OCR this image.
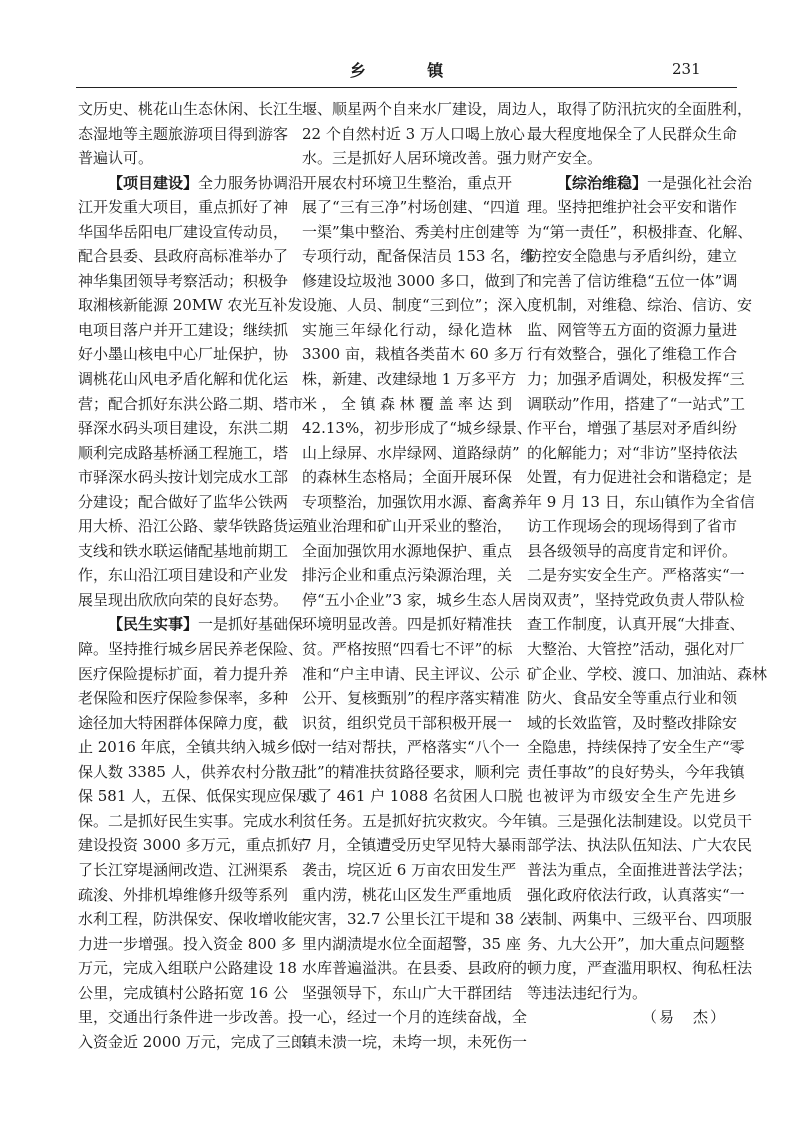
乡 镇	231
文历史、桃花山生态休闲、长江生
态湿地等主题旅游项目得到游客
普遍认可。
【项目建设】全力服务协调沿
江开发重大项目，重点抓好了神
华国华岳阳电厂建设宣传动员，
配合县委、县政府高标准举办了
神华集团领导考察活动；积极争
取湘核新能源 20MW 农光互补发
电项目落户并开工建设；继续抓
好小墨山核电中心厂址保护，协
调桃花山风电矛盾化解和优化运
营；配合抓好东洪公路二期、塔市
驿深水码头项目建设，东洪二期
顺利完成路基桥涵工程施工，塔
市驿深水码头按计划完成水工部
分建设；配合做好了监华公铁两
用大桥、沿江公路、蒙华铁路货运
支线和铁水联运储配基地前期工
作，东山沿江项目建设和产业发
展呈现出欣欣向荣的良好态势。
【民生实事】一是抓好基础保
障。坚持推行城乡居民养老保险、
医疗保险提标扩面，着力提升养
老保险和医疗保险参保率，多种
途径加大特困群体保障力度，截
止 2016 年底，全镇共纳入城乡低
保人数 3385 人，供养农村分散五
保 581 人，五保、低保实现应保尽
保。二是抓好民生实事。完成水利
建设投资 3000 多万元，重点抓好
了长江穿堤涵闸改造、江洲渠系
疏浚、外排机埠维修升级等系列
水利工程，防洪保安、保收增收能
力进一步增强。投入资金 800 多
万元，完成入组联户公路建设 18
公里，完成镇村公路拓宽 16 公
里，交通出行条件进一步改善。投
入资金近 2000 万元，完成了三郎
堰、顺星两个自来水厂建设，周边
22 个自然村近 3 万人口喝上放心
水。三是抓好人居环境改善。强力
开展农村环境卫生整治，重点开
展了“三有三净”村场创建、“四道
一渠”集中整治、秀美村庄创建等
专项行动，配备保洁员 153 名，维
修建设垃圾池 3000 多口，做到了
设施、人员、制度“三到位”；深入
实施三年绿化行动，绿化造林
3300 亩，栽植各类苗木 60 多万
株，新建、改建绿地 1 万多平方
米，全镇森林覆盖率达到
42.13%，初步形成了“城乡绿景、
山上绿屏、水岸绿网、道路绿荫”
的森林生态格局；全面开展环保
专项整治，加强饮用水源、畜禽养
殖业治理和矿山开采业的整治，
全面加强饮用水源地保护、重点
排污企业和重点污染源治理，关
停“五小企业”3 家，城乡生态人居
环境明显改善。四是抓好精准扶
贫。严格按照“四看七不评”的标
准和“户主申请、民主评议、公示
公开、复核甄别”的程序落实精准
识贫，组织党员干部积极开展一
对一结对帮扶，严格落实“八个一
批”的精准扶贫路径要求，顺利完
成了 461 户 1088 名贫困人口脱
贫任务。五是抓好抗灾救灾。今年
7 月，全镇遭受历史罕见特大暴雨
袭击，垸区近 6 万亩农田发生严
重内涝，桃花山区发生严重地质
灾害，32.7 公里长江干堤和 38 公
里内湖渍堤水位全面超警，35 座
水库普遍溢洪。在县委、县政府的
坚强领导下，东山广大干群团结
一心，经过一个月的连续奋战，全
镇未溃一垸，未垮一坝，未死伤一
人，取得了防汛抗灾的全面胜利，
最大程度地保全了人民群众生命
财产安全。
【综治维稳】一是强化社会治
理。坚持把维护社会平安和谐作
为“第一责任”，积极排查、化解、
防控安全隐患与矛盾纠纷，建立
和完善了信访维稳“五位一体”调
度机制，对维稳、综治、信访、安
监、网管等五方面的资源力量进
行有效整合，强化了维稳工作合
力；加强矛盾调处，积极发挥“三
调联动”作用，搭建了“一站式”工
作平台，增强了基层对矛盾纠纷
的化解能力；对“非访”坚持依法
处置，有力促进社会和谐稳定；是
年 9 月 13 日，东山镇作为全省信
访工作现场会的现场得到了省市
县各级领导的高度肯定和评价。
二是夯实安全生产。严格落实“一
岗双责”，坚持党政负责人带队检
查工作制度，认真开展“大排查、
大整治、大管控”活动，强化对厂
矿企业、学校、渡口、加油站、森林
防火、食品安全等重点行业和领
域的长效监管，及时整改排除安
全隐患，持续保持了安全生产“零
责任事故”的良好势头，今年我镇
也被评为市级安全生产先进乡
镇。三是强化法制建设。以党员干
部学法、执法队伍知法、广大农民
普法为重点，全面推进普法学法；
强化政府依法行政，认真落实“一
表制、两集中、三级平台、四项服
务、九大公开”，加大重点问题整
顿力度，严查滥用职权、徇私枉法
等违法违纪行为。
（易　杰）
